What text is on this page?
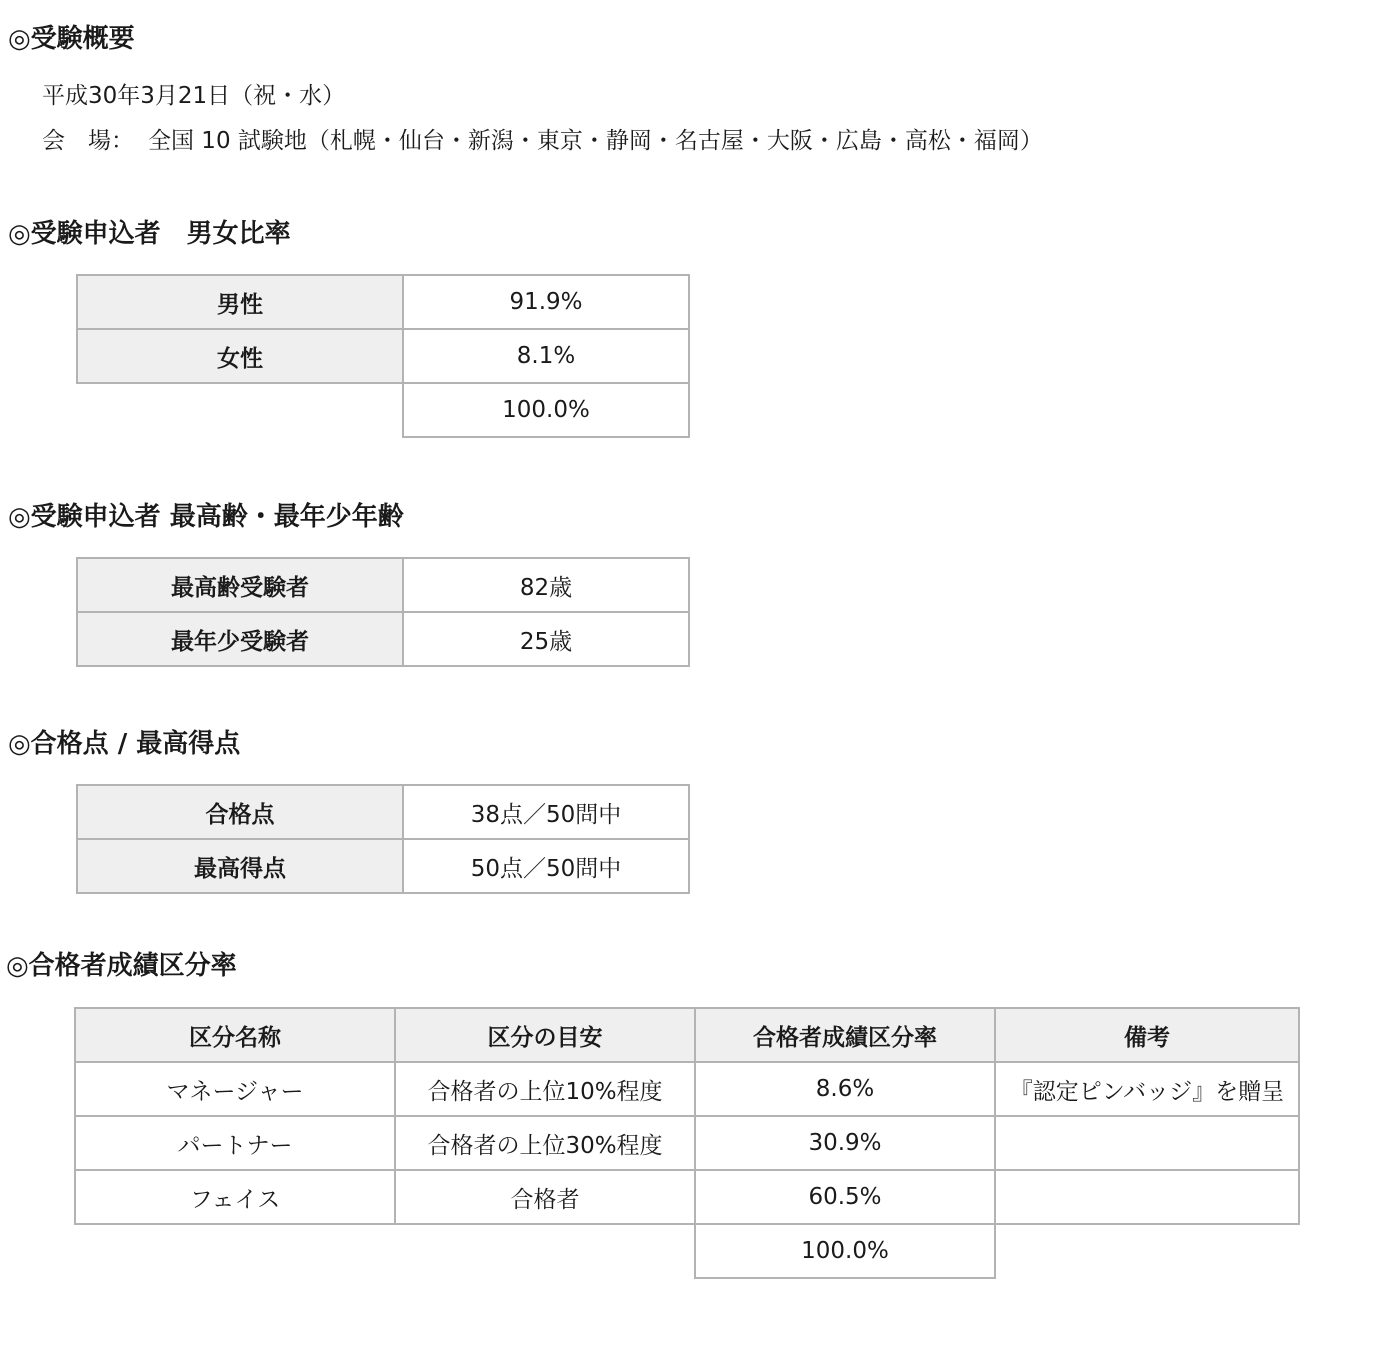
◎受験概要
平成30年3月21日（祝・水）
会　場： 全国 10 試験地（札幌・仙台・新潟・東京・静岡・名古屋・大阪・広島・高松・福岡）
◎受験申込者　男女比率
男性	91.9%
女性	8.1%
	100.0%
◎受験申込者 最高齢・最年少年齢
最高齢受験者	82歳
最年少受験者	25歳
◎合格点 / 最高得点
合格点	38点／50問中
最高得点	50点／50問中
◎合格者成績区分率
区分名称	区分の目安	合格者成績区分率	備考
マネージャー	合格者の上位10%程度	8.6%	『認定ピンバッジ』を贈呈
パートナー	合格者の上位30%程度	30.9%	
フェイス	合格者	60.5%	
		100.0%	
